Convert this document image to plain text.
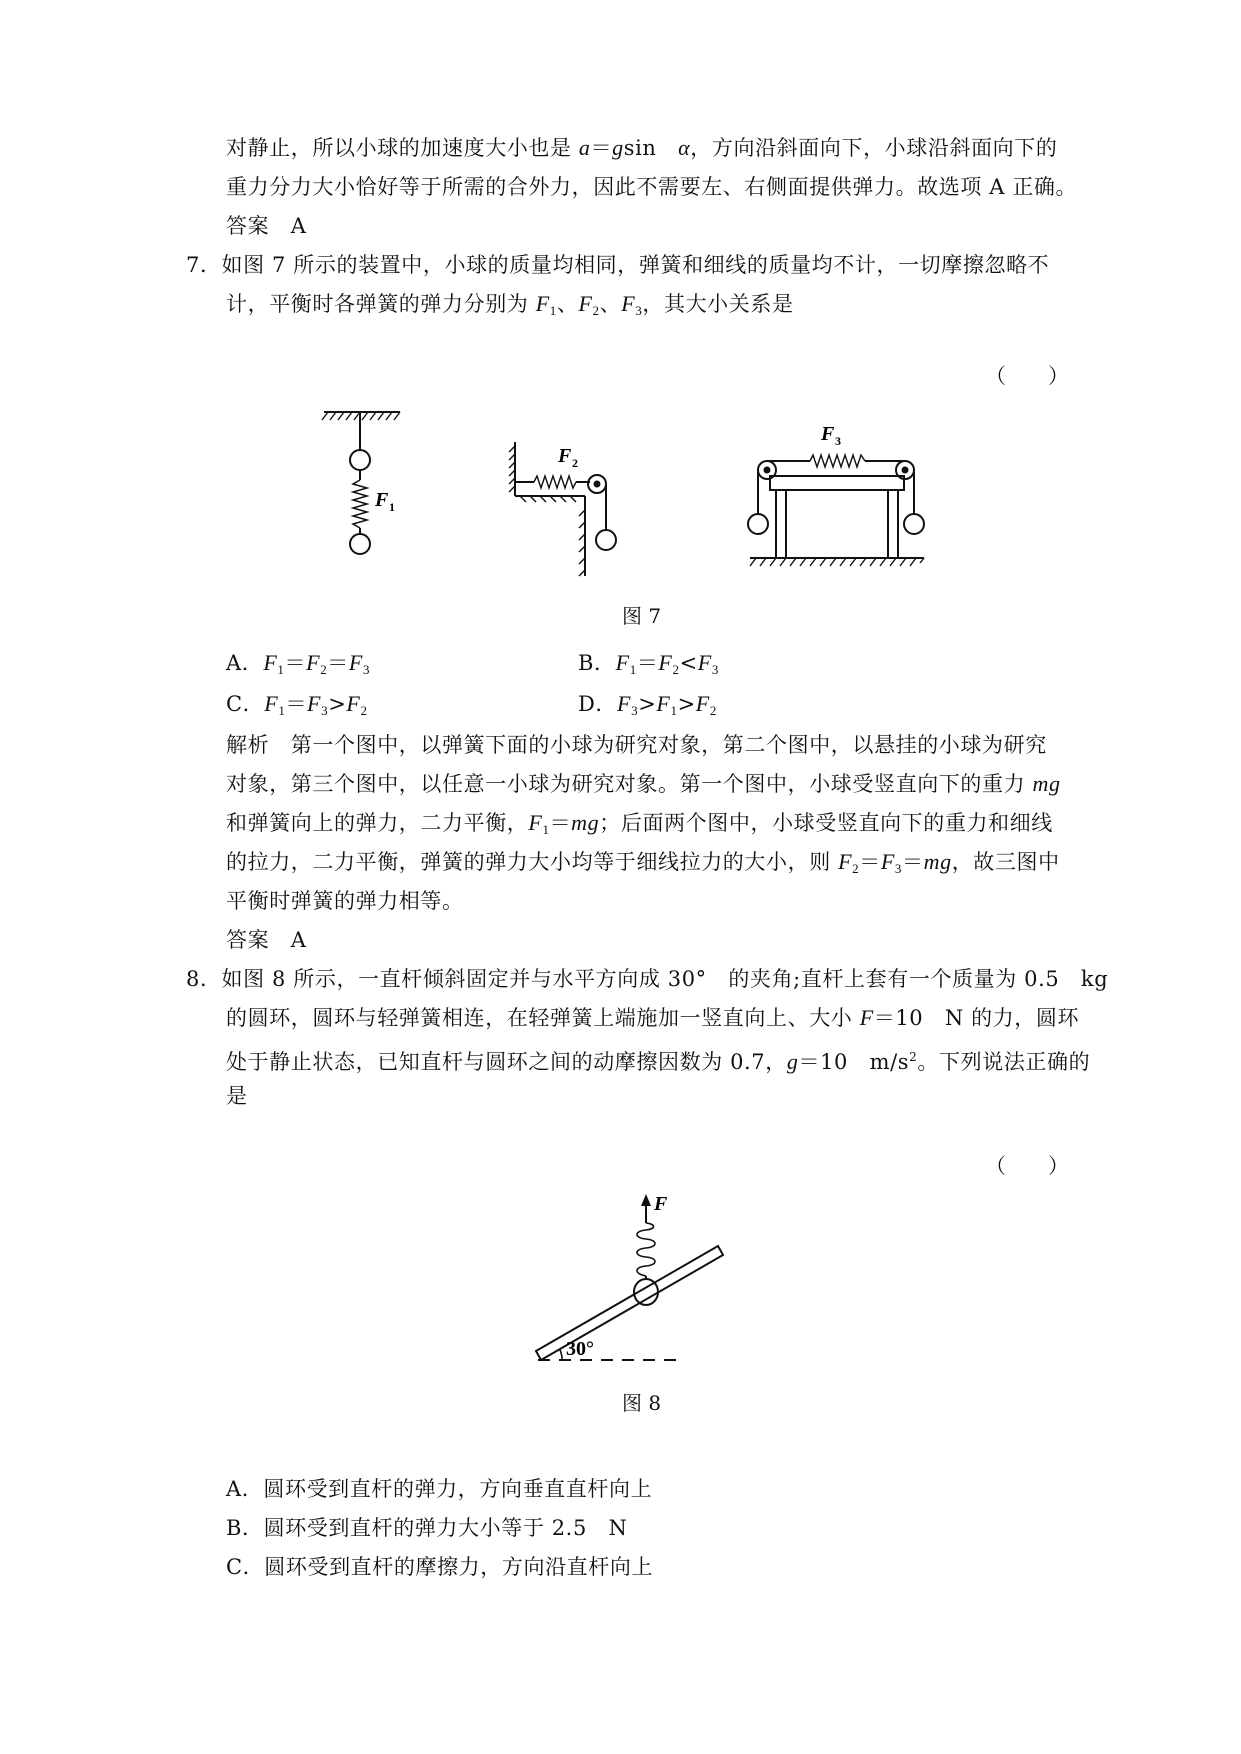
对静止，所以小球的加速度大小也是 a＝gsin　α，方向沿斜面向下，小球沿斜面向下的
重力分力大小恰好等于所需的合外力，因此不需要左、右侧面提供弹力。故选项 A 正确。
答案　A
7．如图 7 所示的装置中，小球的质量均相同，弹簧和细线的质量均不计，一切摩擦忽略不
计，平衡时各弹簧的弹力分别为 $F_1$、$F_2$、$F_3$，其大小关系是
（　　）
F 1
F 2
F 3
图 7
A．$F_1=F_2=F_3$	B．$F_1=F_2<F_3$
C．$F_1=F_3>F_2$	D．$F_3>F_1>F_2$
解析　第一个图中，以弹簧下面的小球为研究对象，第二个图中，以悬挂的小球为研究
对象，第三个图中，以任意一小球为研究对象。第一个图中，小球受竖直向下的重力 mg
和弹簧向上的弹力，二力平衡，$F_1=mg$；后面两个图中，小球受竖直向下的重力和细线
的拉力，二力平衡，弹簧的弹力大小均等于细线拉力的大小，则 $F_2=F_3=mg$，故三图中
平衡时弹簧的弹力相等。
答案　A
8．如图 8 所示，一直杆倾斜固定并与水平方向成 30°　的夹角;直杆上套有一个质量为 0.5　kg
的圆环，圆环与轻弹簧相连，在轻弹簧上端施加一竖直向上、大小 F＝10　N 的力，圆环
处于静止状态，已知直杆与圆环之间的动摩擦因数为 0.7，g＝10　$m/s^2$。下列说法正确的
是
（　　）
F
30°
图 8
A．圆环受到直杆的弹力，方向垂直直杆向上
B．圆环受到直杆的弹力大小等于 2.5　N
C．圆环受到直杆的摩擦力，方向沿直杆向上
